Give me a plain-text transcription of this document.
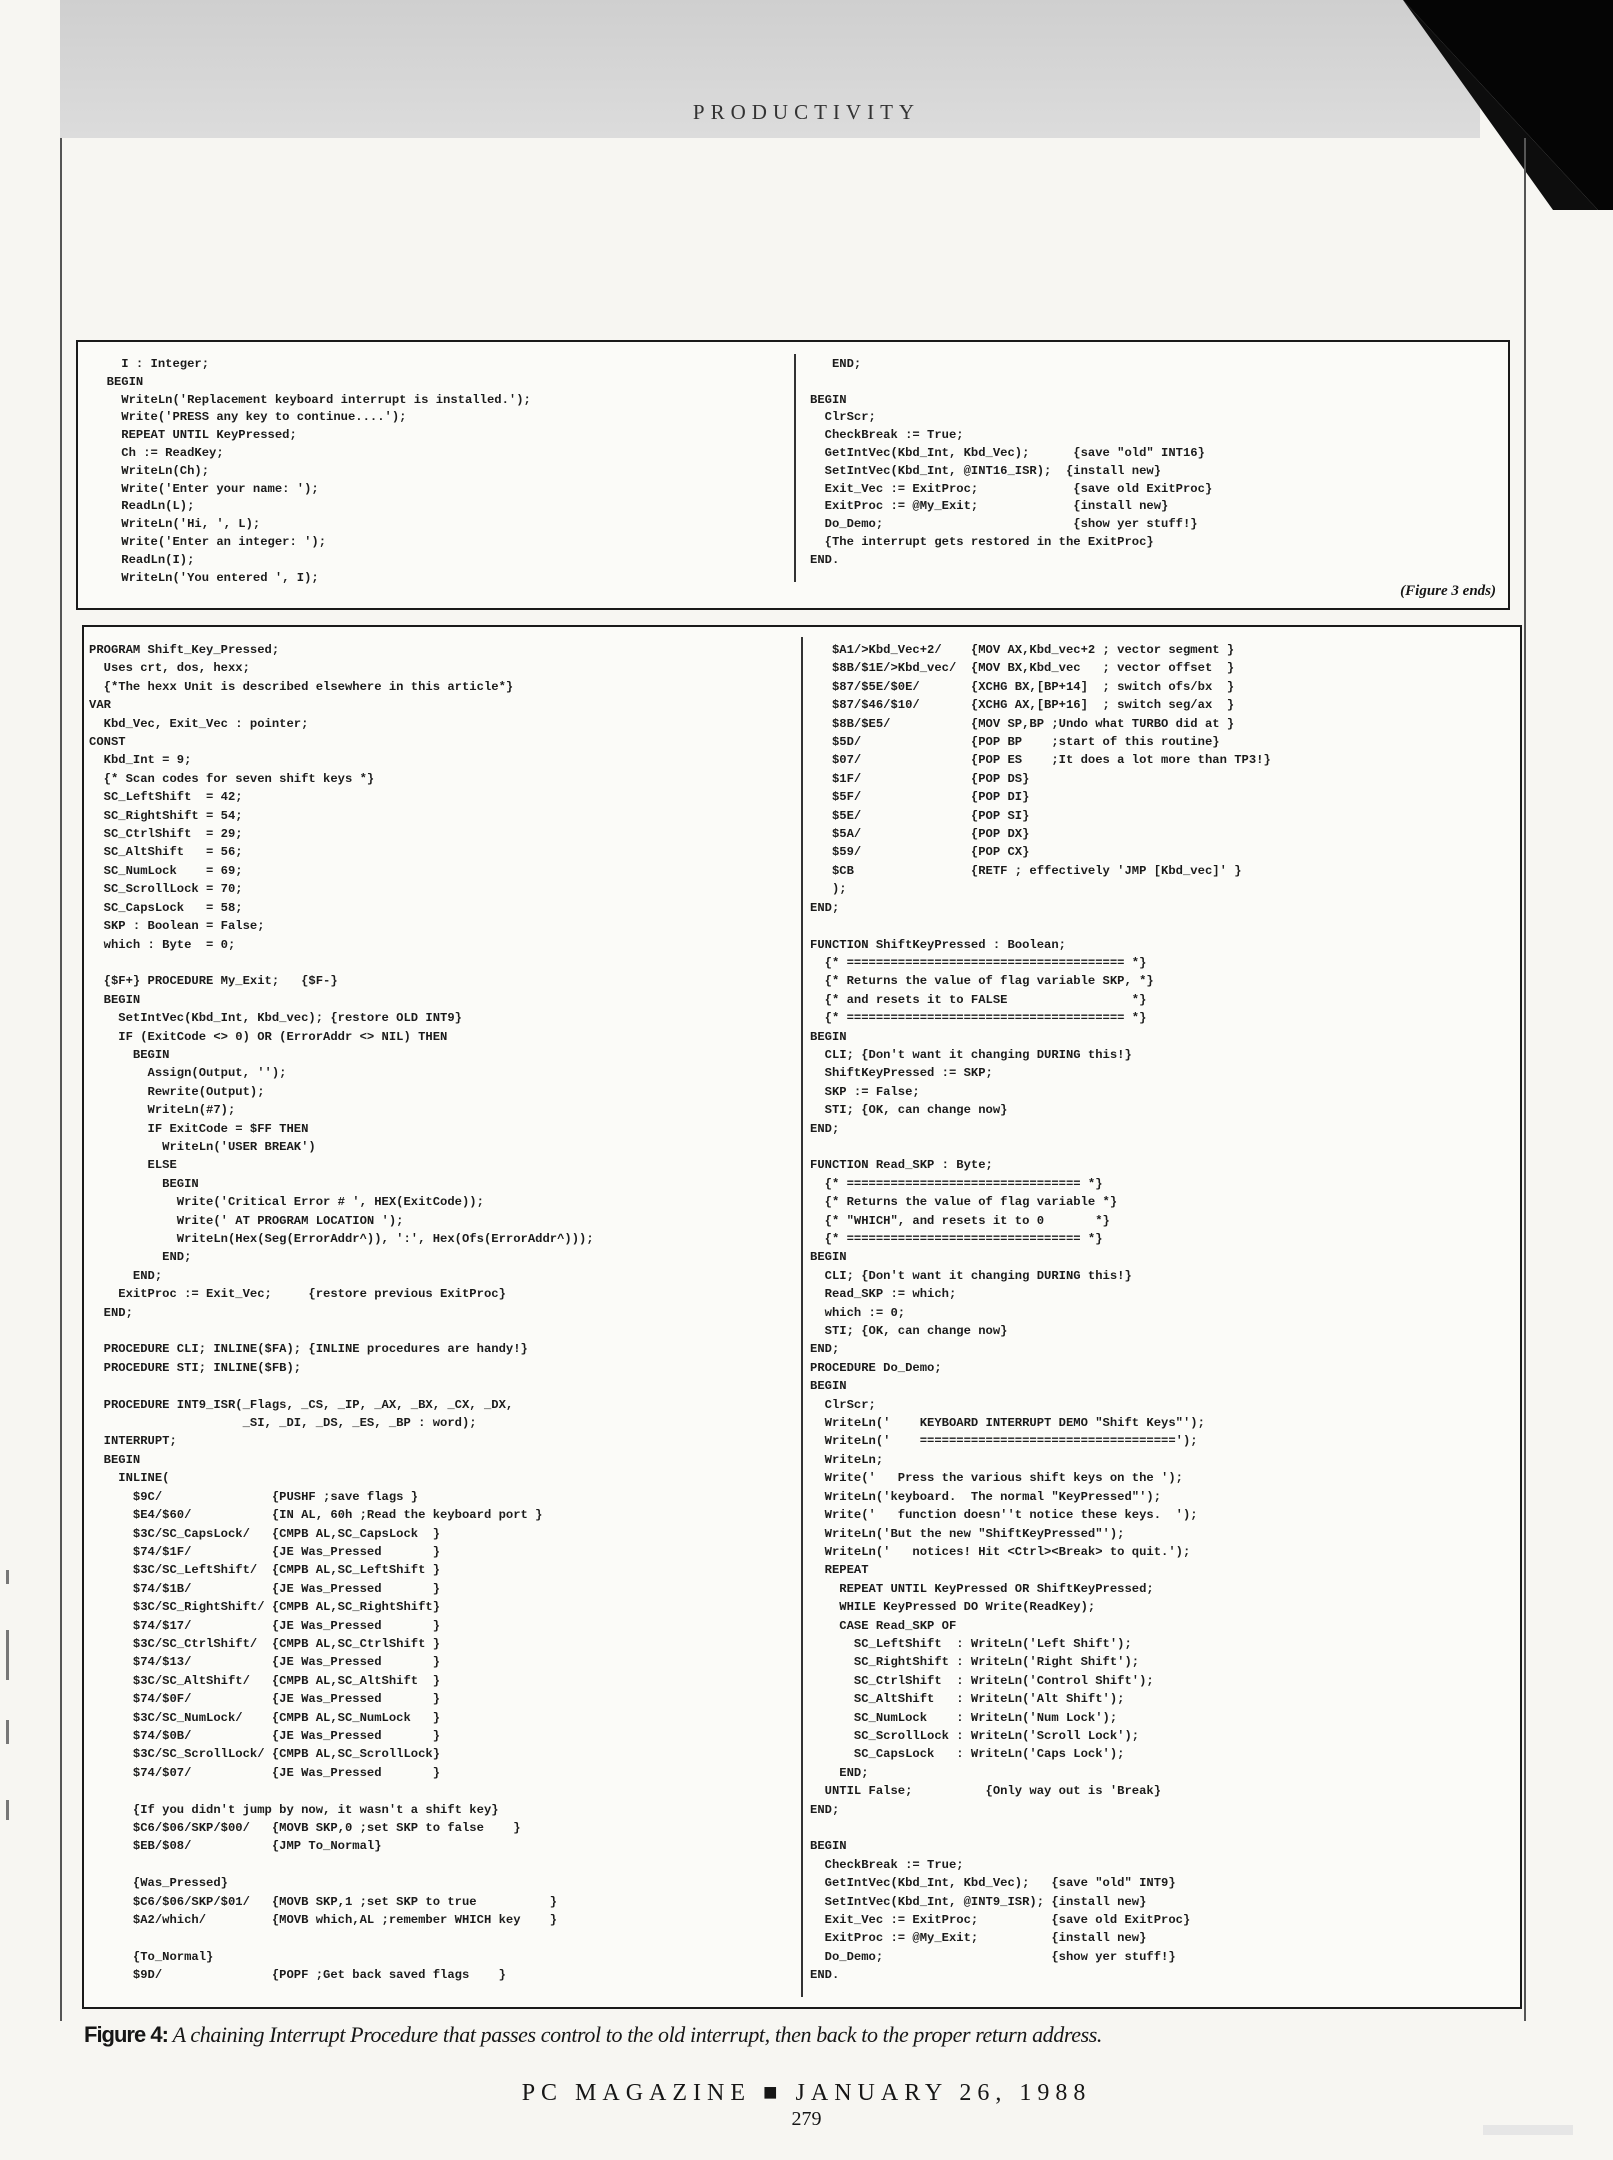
PRODUCTIVITY
I : Integer;
BEGIN
WriteLn('Replacement keyboard interrupt is installed.');
Write('PRESS any key to continue....');
REPEAT UNTIL KeyPressed;
Ch := ReadKey;
WriteLn(Ch);
Write('Enter your name: ');
ReadLn(L);
WriteLn('Hi, ', L);
Write('Enter an integer: ');
ReadLn(I);
WriteLn('You entered ', I);
END;

BEGIN
ClrScr;
CheckBreak := True;
GetIntVec(Kbd_Int, Kbd_Vec);      {save "old" INT16}
SetIntVec(Kbd_Int, @INT16_ISR);  {install new}
Exit_Vec := ExitProc;             {save old ExitProc}
ExitProc := @My_Exit;             {install new}
Do_Demo;                          {show yer stuff!}
{The interrupt gets restored in the ExitProc}
END.
(Figure 3 ends)
PROGRAM Shift_Key_Pressed;
Uses crt, dos, hexx;
{*The hexx Unit is described elsewhere in this article*}
VAR
Kbd_Vec, Exit_Vec : pointer;
CONST
Kbd_Int = 9;
{* Scan codes for seven shift keys *}
SC_LeftShift  = 42;
SC_RightShift = 54;
SC_CtrlShift  = 29;
SC_AltShift   = 56;
SC_NumLock    = 69;
SC_ScrollLock = 70;
SC_CapsLock   = 58;
SKP : Boolean = False;
which : Byte  = 0;

{$F+} PROCEDURE My_Exit;   {$F-}
BEGIN
SetIntVec(Kbd_Int, Kbd_vec); {restore OLD INT9}
IF (ExitCode <> 0) OR (ErrorAddr <> NIL) THEN
BEGIN
Assign(Output, '');
Rewrite(Output);
WriteLn(#7);
IF ExitCode = $FF THEN
WriteLn('USER BREAK')
ELSE
BEGIN
Write('Critical Error # ', HEX(ExitCode));
Write(' AT PROGRAM LOCATION ');
WriteLn(Hex(Seg(ErrorAddr^)), ':', Hex(Ofs(ErrorAddr^)));
END;
END;
ExitProc := Exit_Vec;     {restore previous ExitProc}
END;

PROCEDURE CLI; INLINE($FA); {INLINE procedures are handy!}
PROCEDURE STI; INLINE($FB);

PROCEDURE INT9_ISR(_Flags, _CS, _IP, _AX, _BX, _CX, _DX,
_SI, _DI, _DS, _ES, _BP : word);
INTERRUPT;
BEGIN
INLINE(
$9C/               {PUSHF ;save flags }
$E4/$60/           {IN AL, 60h ;Read the keyboard port }
$3C/SC_CapsLock/   {CMPB AL,SC_CapsLock  }
$74/$1F/           {JE Was_Pressed       }
$3C/SC_LeftShift/  {CMPB AL,SC_LeftShift }
$74/$1B/           {JE Was_Pressed       }
$3C/SC_RightShift/ {CMPB AL,SC_RightShift}
$74/$17/           {JE Was_Pressed       }
$3C/SC_CtrlShift/  {CMPB AL,SC_CtrlShift }
$74/$13/           {JE Was_Pressed       }
$3C/SC_AltShift/   {CMPB AL,SC_AltShift  }
$74/$0F/           {JE Was_Pressed       }
$3C/SC_NumLock/    {CMPB AL,SC_NumLock   }
$74/$0B/           {JE Was_Pressed       }
$3C/SC_ScrollLock/ {CMPB AL,SC_ScrollLock}
$74/$07/           {JE Was_Pressed       }

{If you didn't jump by now, it wasn't a shift key}
$C6/$06/SKP/$00/   {MOVB SKP,0 ;set SKP to false    }
$EB/$08/           {JMP To_Normal}

{Was_Pressed}
$C6/$06/SKP/$01/   {MOVB SKP,1 ;set SKP to true          }
$A2/which/         {MOVB which,AL ;remember WHICH key    }

{To_Normal}
$9D/               {POPF ;Get back saved flags    }
$A1/>Kbd_Vec+2/    {MOV AX,Kbd_vec+2 ; vector segment }
$8B/$1E/>Kbd_vec/  {MOV BX,Kbd_vec   ; vector offset  }
$87/$5E/$0E/       {XCHG BX,[BP+14]  ; switch ofs/bx  }
$87/$46/$10/       {XCHG AX,[BP+16]  ; switch seg/ax  }
$8B/$E5/           {MOV SP,BP ;Undo what TURBO did at }
$5D/               {POP BP    ;start of this routine}
$07/               {POP ES    ;It does a lot more than TP3!}
$1F/               {POP DS}
$5F/               {POP DI}
$5E/               {POP SI}
$5A/               {POP DX}
$59/               {POP CX}
$CB                {RETF ; effectively 'JMP [Kbd_vec]' }
);
END;

FUNCTION ShiftKeyPressed : Boolean;
{* ====================================== *}
{* Returns the value of flag variable SKP, *}
{* and resets it to FALSE                 *}
{* ====================================== *}
BEGIN
CLI; {Don't want it changing DURING this!}
ShiftKeyPressed := SKP;
SKP := False;
STI; {OK, can change now}
END;

FUNCTION Read_SKP : Byte;
{* ================================ *}
{* Returns the value of flag variable *}
{* "WHICH", and resets it to 0       *}
{* ================================ *}
BEGIN
CLI; {Don't want it changing DURING this!}
Read_SKP := which;
which := 0;
STI; {OK, can change now}
END;
PROCEDURE Do_Demo;
BEGIN
ClrScr;
WriteLn('    KEYBOARD INTERRUPT DEMO "Shift Keys"');
WriteLn('    ===================================');
WriteLn;
Write('   Press the various shift keys on the ');
WriteLn('keyboard.  The normal "KeyPressed"');
Write('   function doesn''t notice these keys.  ');
WriteLn('But the new "ShiftKeyPressed"');
WriteLn('   notices! Hit <Ctrl><Break> to quit.');
REPEAT
REPEAT UNTIL KeyPressed OR ShiftKeyPressed;
WHILE KeyPressed DO Write(ReadKey);
CASE Read_SKP OF
SC_LeftShift  : WriteLn('Left Shift');
SC_RightShift : WriteLn('Right Shift');
SC_CtrlShift  : WriteLn('Control Shift');
SC_AltShift   : WriteLn('Alt Shift');
SC_NumLock    : WriteLn('Num Lock');
SC_ScrollLock : WriteLn('Scroll Lock');
SC_CapsLock   : WriteLn('Caps Lock');
END;
UNTIL False;          {Only way out is 'Break}
END;

BEGIN
CheckBreak := True;
GetIntVec(Kbd_Int, Kbd_Vec);   {save "old" INT9}
SetIntVec(Kbd_Int, @INT9_ISR); {install new}
Exit_Vec := ExitProc;          {save old ExitProc}
ExitProc := @My_Exit;          {install new}
Do_Demo;                       {show yer stuff!}
END.
Figure 4: A chaining Interrupt Procedure that passes control to the old interrupt, then back to the proper return address.
PC MAGAZINE ■ JANUARY 26, 1988
279
